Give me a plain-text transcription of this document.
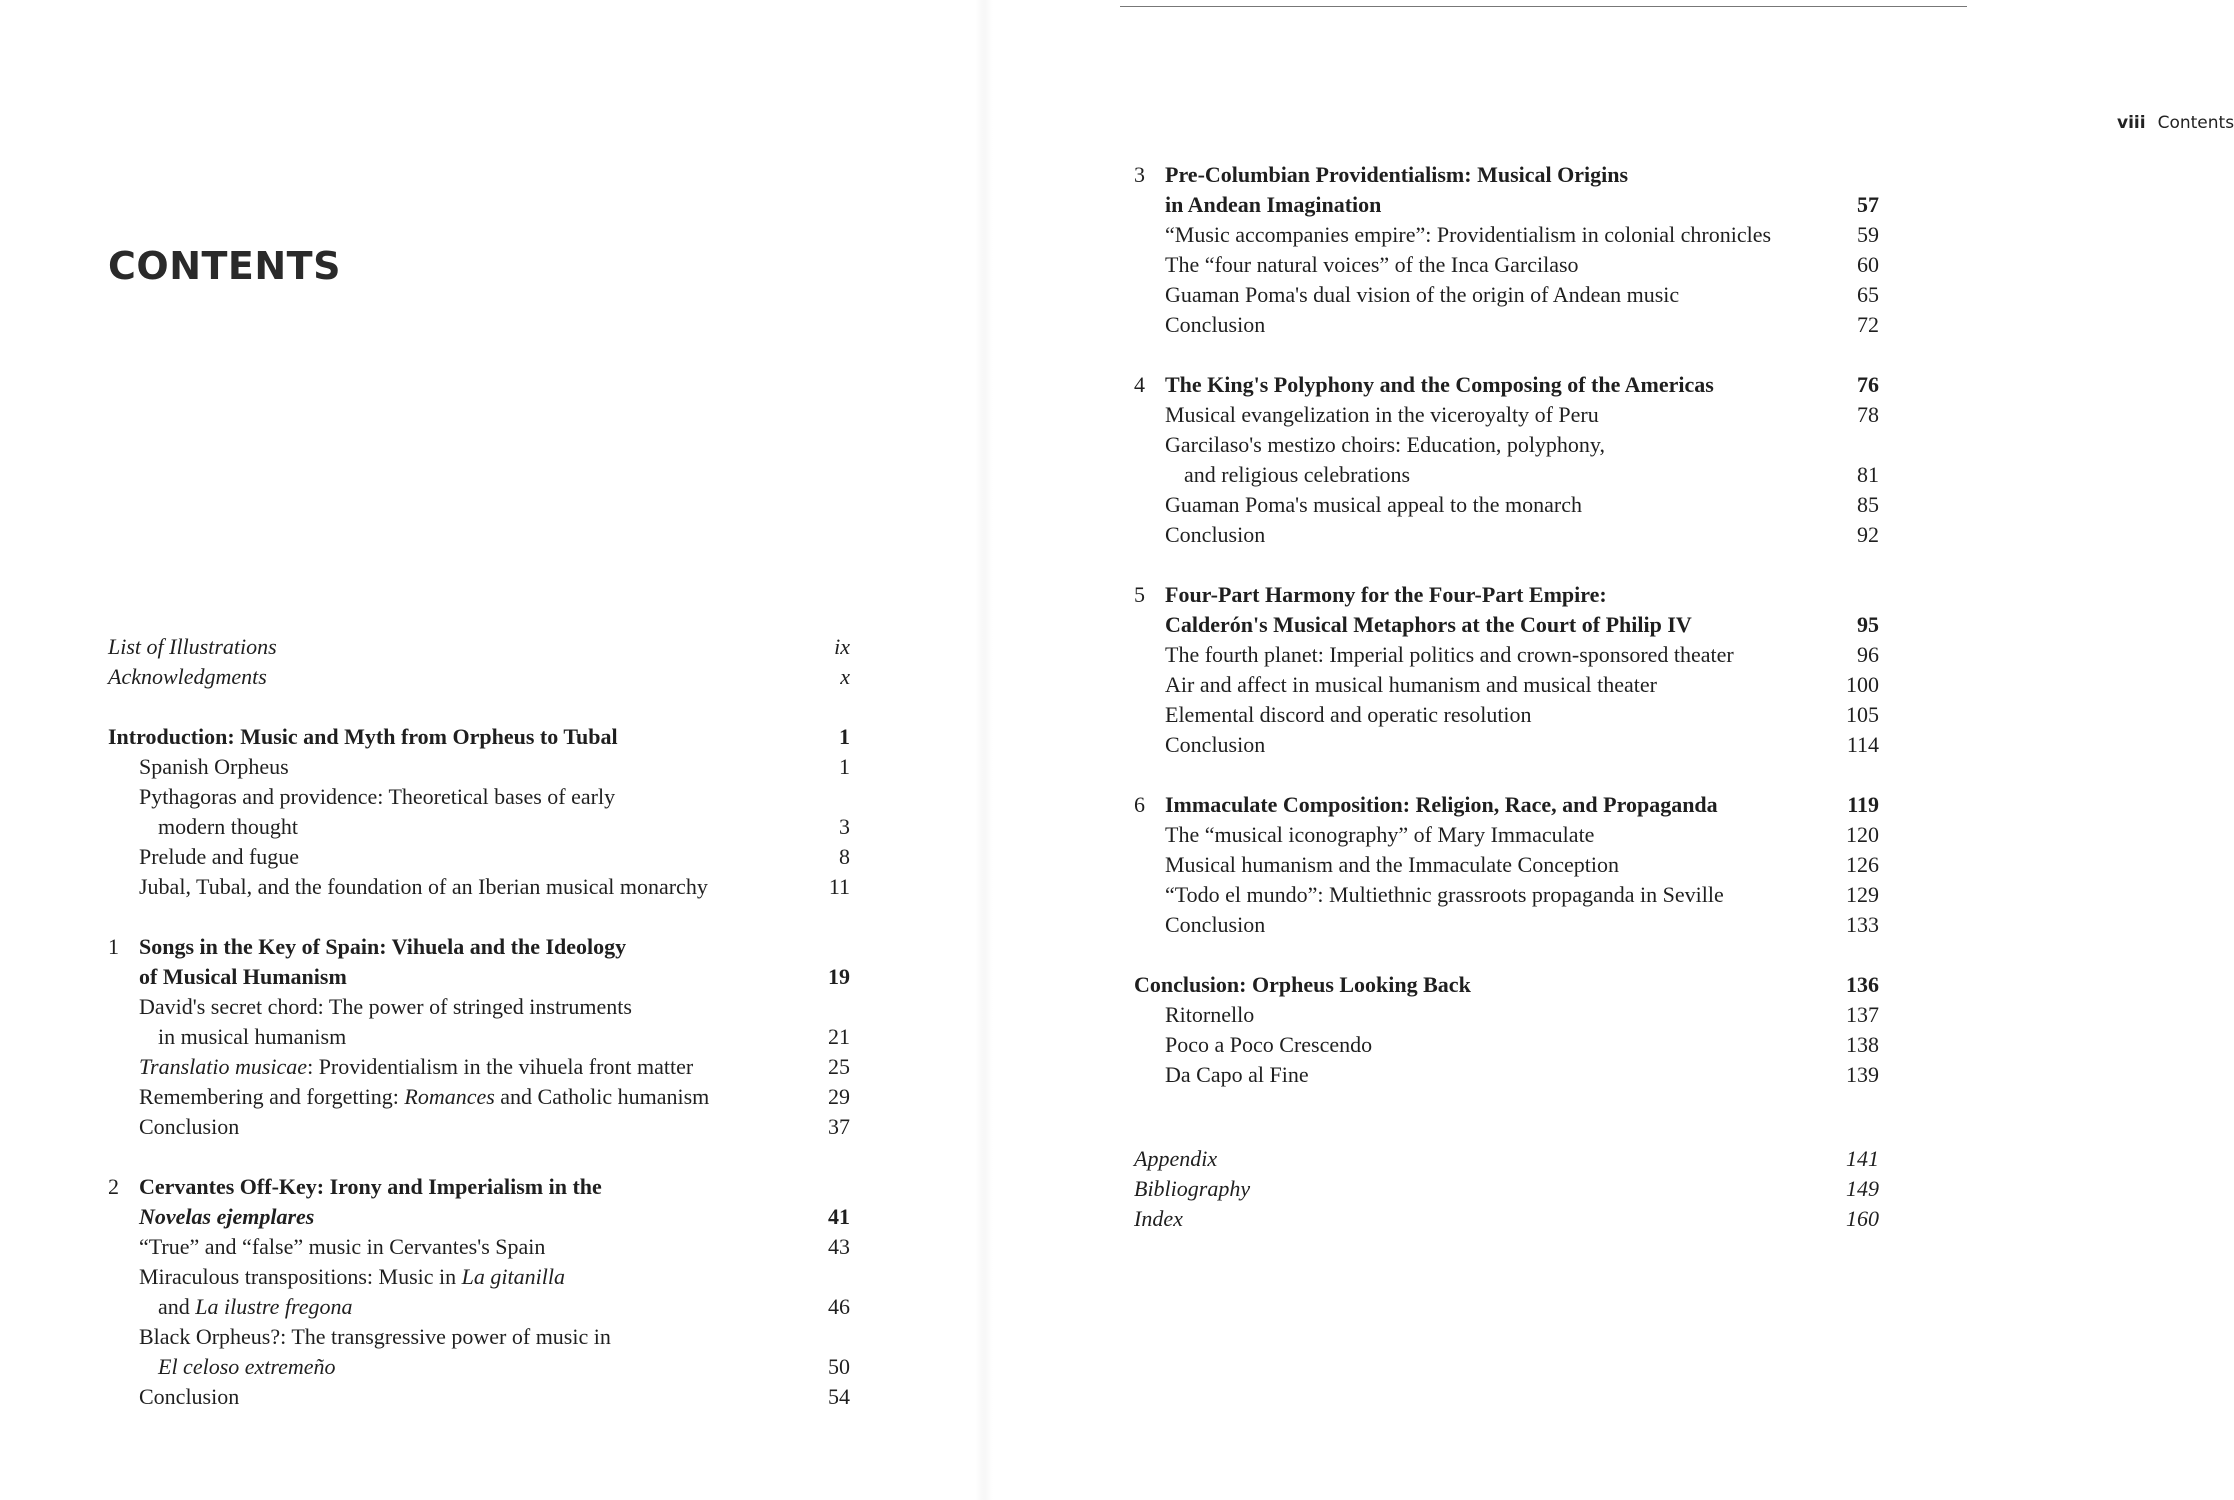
CONTENTS
List of Illustrations	ix
Acknowledgments	x
Introduction: Music and Myth from Orpheus to Tubal	1
Spanish Orpheus	1
Pythagoras and providence: Theoretical bases of early
modern thought	3
Prelude and fugue	8
Jubal, Tubal, and the foundation of an Iberian musical monarchy	11
1 Songs in the Key of Spain: Vihuela and the Ideology
of Musical Humanism	19
David's secret chord: The power of stringed instruments
in musical humanism	21
Translatio musicae: Providentialism in the vihuela front matter	25
Remembering and forgetting: Romances and Catholic humanism	29
Conclusion	37
2 Cervantes Off-Key: Irony and Imperialism in the
Novelas ejemplares	41
“True” and “false” music in Cervantes's Spain	43
Miraculous transpositions: Music in La gitanilla
and La ilustre fregona	46
Black Orpheus?: The transgressive power of music in
El celoso extremeño	50
Conclusion	54
viii Contents
3 Pre-Columbian Providentialism: Musical Origins
in Andean Imagination	57
“Music accompanies empire”: Providentialism in colonial chronicles	59
The “four natural voices” of the Inca Garcilaso	60
Guaman Poma's dual vision of the origin of Andean music	65
Conclusion	72
4 The King's Polyphony and the Composing of the Americas	76
Musical evangelization in the viceroyalty of Peru	78
Garcilaso's mestizo choirs: Education, polyphony,
and religious celebrations	81
Guaman Poma's musical appeal to the monarch	85
Conclusion	92
5 Four-Part Harmony for the Four-Part Empire:
Calderón's Musical Metaphors at the Court of Philip IV	95
The fourth planet: Imperial politics and crown-sponsored theater	96
Air and affect in musical humanism and musical theater	100
Elemental discord and operatic resolution	105
Conclusion	114
6 Immaculate Composition: Religion, Race, and Propaganda	119
The “musical iconography” of Mary Immaculate	120
Musical humanism and the Immaculate Conception	126
“Todo el mundo”: Multiethnic grassroots propaganda in Seville	129
Conclusion	133
Conclusion: Orpheus Looking Back	136
Ritornello	137
Poco a Poco Crescendo	138
Da Capo al Fine	139
Appendix	141
Bibliography	149
Index	160
